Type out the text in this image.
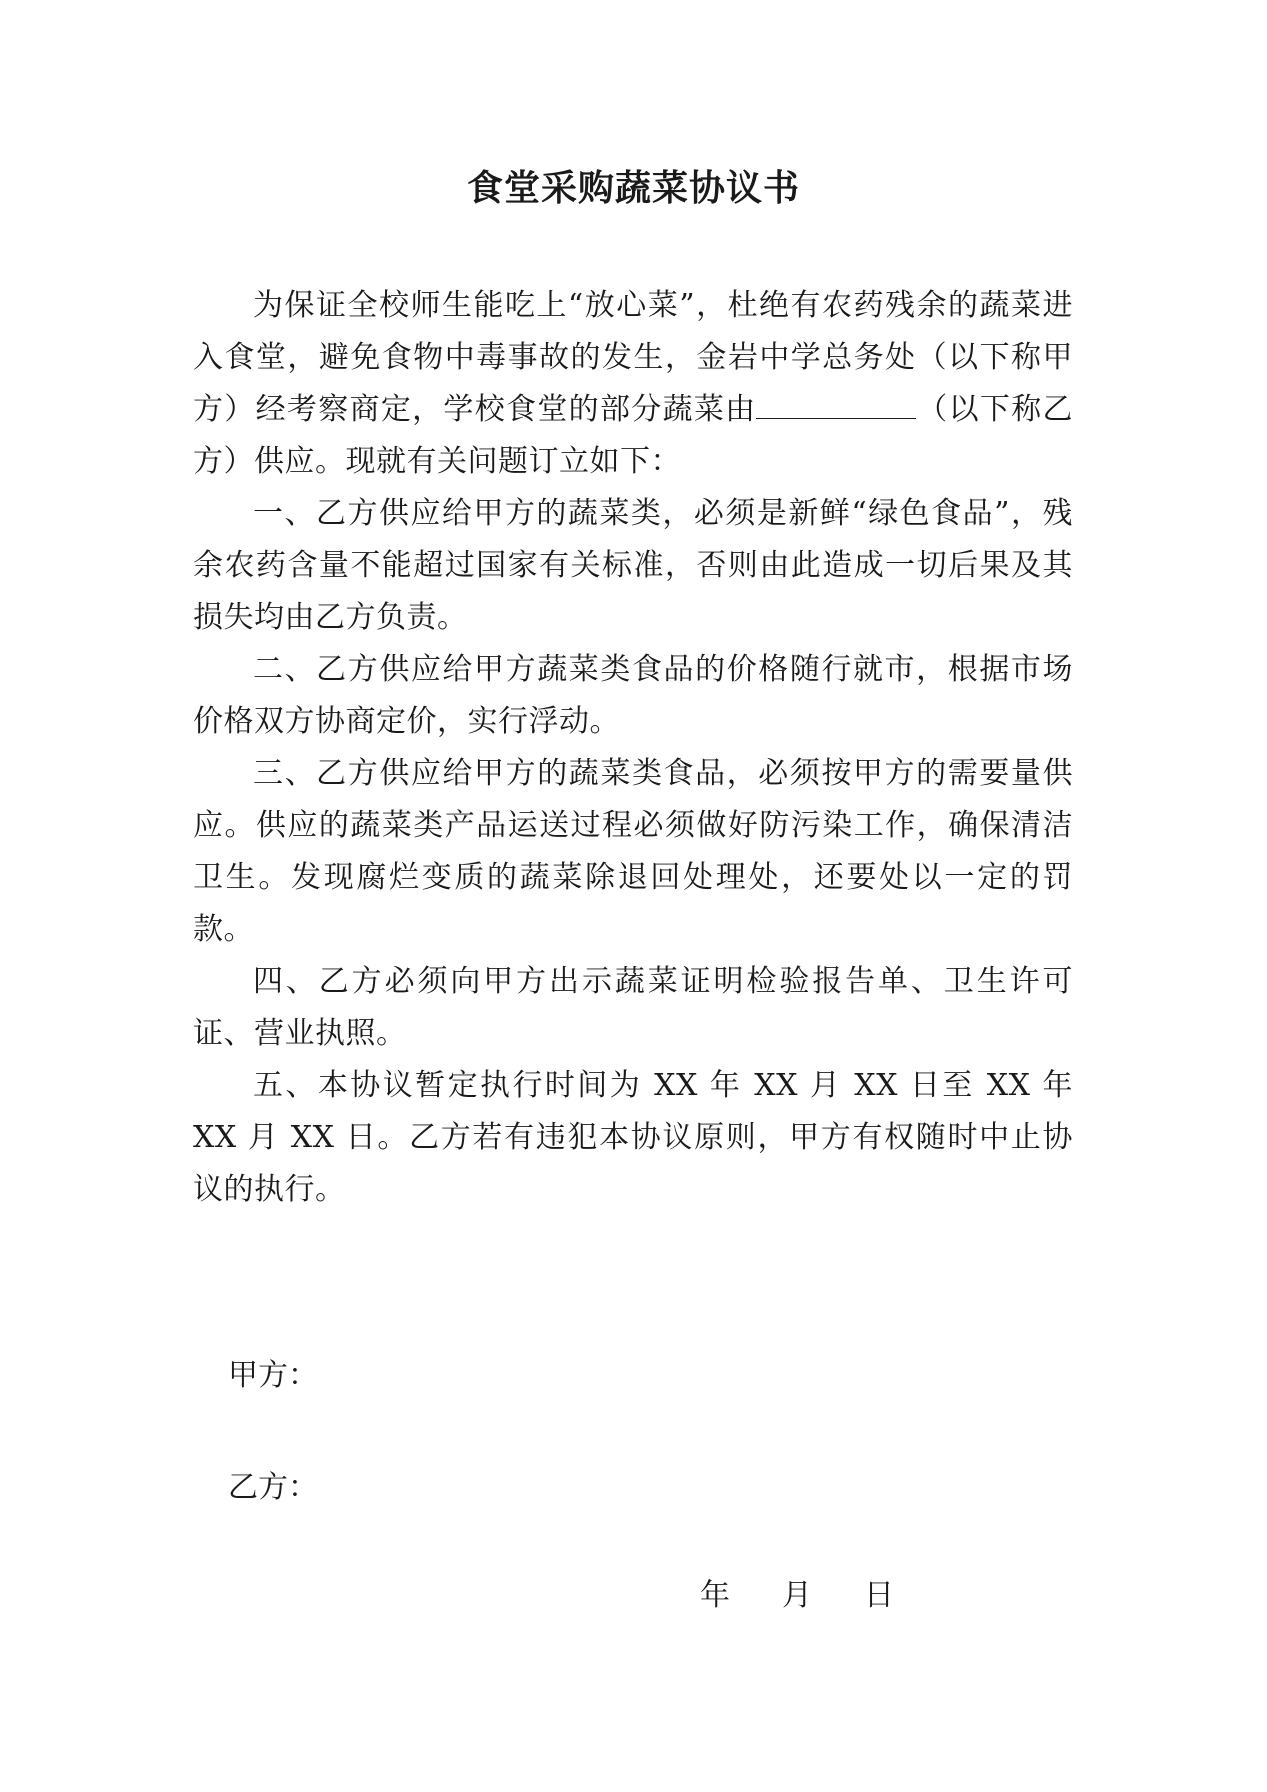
食堂采购蔬菜协议书

为保证全校师生能吃上“放心菜”，杜绝有农药残余的蔬菜进入食堂，避免食物中毒事故的发生，金岩中学总务处（以下称甲方）经考察商定，学校食堂的部分蔬菜由	（以下称乙方）供应。现就有关问题订立如下：

一、乙方供应给甲方的蔬菜类，必须是新鲜“绿色食品”，残余农药含量不能超过国家有关标准，否则由此造成一切后果及其损失均由乙方负责。

二、乙方供应给甲方蔬菜类食品的价格随行就市，根据市场价格双方协商定价，实行浮动。

三、乙方供应给甲方的蔬菜类食品，必须按甲方的需要量供应。供应的蔬菜类产品运送过程必须做好防污染工作，确保清洁卫生。发现腐烂变质的蔬菜除退回处理处，还要处以一定的罚款。

四、乙方必须向甲方出示蔬菜证明检验报告单、卫生许可证、营业执照。

五、本协议暂定执行时间为 XX 年 XX 月 XX 日至 XX 年 XX 月 XX 日。乙方若有违犯本协议原则，甲方有权随时中止协议的执行。

甲方：
乙方：
年 月 日
